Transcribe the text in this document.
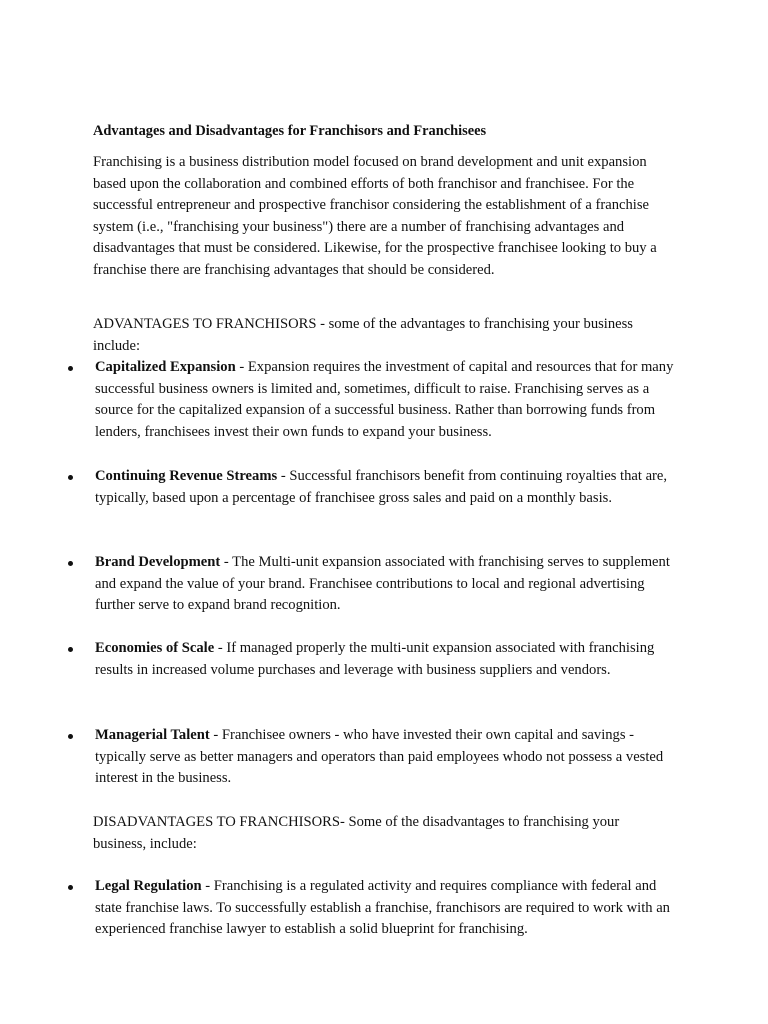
Advantages and Disadvantages for Franchisors and Franchisees

Franchising is a business distribution model focused on brand development and unit expansion based upon the collaboration and combined efforts of both franchisor and franchisee. For the successful entrepreneur and prospective franchisor considering the establishment of a franchise system (i.e., "franchising your business") there are a number of franchising advantages and disadvantages that must be considered. Likewise, for the prospective franchisee looking to buy a franchise there are franchising advantages that should be considered.

ADVANTAGES TO FRANCHISORS - some of the advantages to franchising your business include:

Capitalized Expansion - Expansion requires the investment of capital and resources that for many successful business owners is limited and, sometimes, difficult to raise. Franchising serves as a source for the capitalized expansion of a successful business. Rather than borrowing funds from lenders, franchisees invest their own funds to expand your business.

Continuing Revenue Streams - Successful franchisors benefit from continuing royalties that are, typically, based upon a percentage of franchisee gross sales and paid on a monthly basis.

Brand Development - The Multi-unit expansion associated with franchising serves to supplement and expand the value of your brand. Franchisee contributions to local and regional advertising further serve to expand brand recognition.

Economies of Scale - If managed properly the multi-unit expansion associated with franchising results in increased volume purchases and leverage with business suppliers and vendors.

Managerial Talent - Franchisee owners - who have invested their own capital and savings - typically serve as better managers and operators than paid employees whodo not possess a vested interest in the business.

DISADVANTAGES TO FRANCHISORS- Some of the disadvantages to franchising your business, include:

Legal Regulation - Franchising is a regulated activity and requires compliance with federal and state franchise laws. To successfully establish a franchise, franchisors are required to work with an experienced franchise lawyer to establish a solid blueprint for franchising.
